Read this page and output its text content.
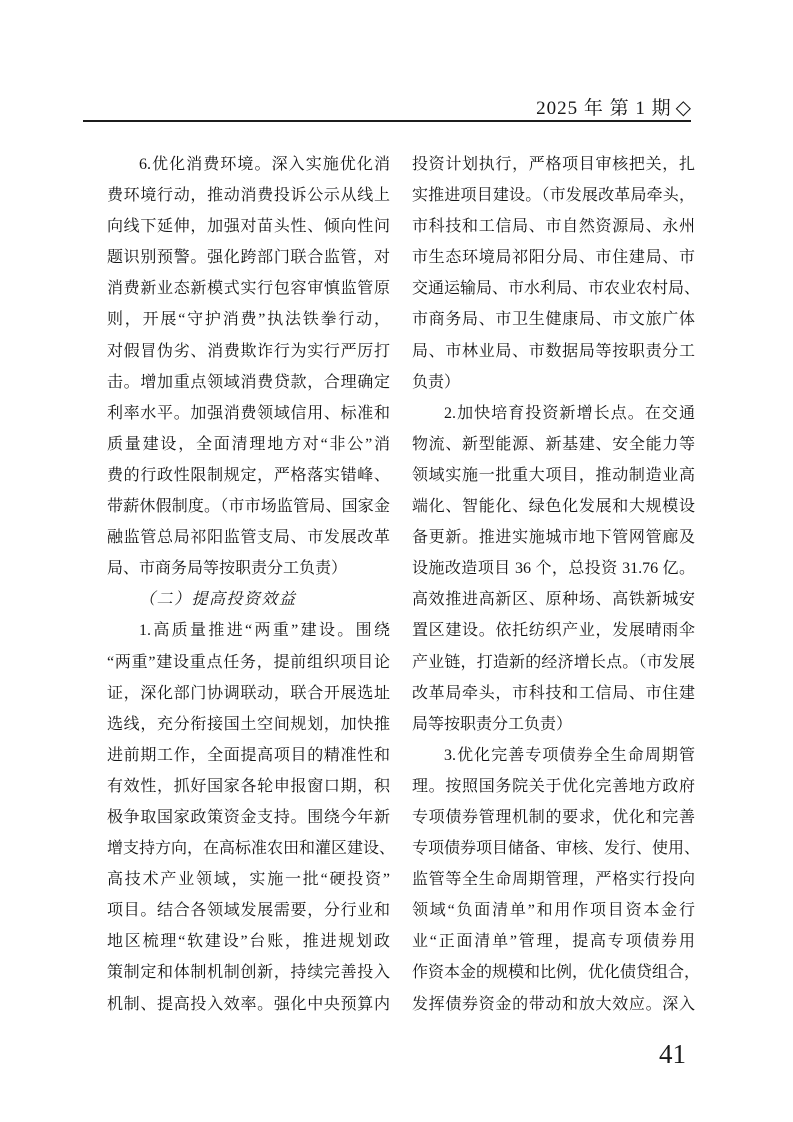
2025 年 第 1 期 ◇
6.优化消费环境。深入实施优化消
费环境行动，推动消费投诉公示从线上
向线下延伸，加强对苗头性、倾向性问
题识别预警。强化跨部门联合监管，对
消费新业态新模式实行包容审慎监管原
则，开展“守护消费”执法铁拳行动，
对假冒伪劣、消费欺诈行为实行严厉打
击。增加重点领域消费贷款，合理确定
利率水平。加强消费领域信用、标准和
质量建设，全面清理地方对“非公”消
费的行政性限制规定，严格落实错峰、
带薪休假制度。（市市场监管局、国家金
融监管总局祁阳监管支局、市发展改革
局、市商务局等按职责分工负责）
（二）提高投资效益
1.高质量推进“两重”建设。围绕
“两重”建设重点任务，提前组织项目论
证，深化部门协调联动，联合开展选址
选线，充分衔接国土空间规划，加快推
进前期工作，全面提高项目的精准性和
有效性，抓好国家各轮申报窗口期，积
极争取国家政策资金支持。围绕今年新
增支持方向，在高标准农田和灌区建设、
高技术产业领域，实施一批“硬投资”
项目。结合各领域发展需要，分行业和
地区梳理“软建设”台账，推进规划政
策制定和体制机制创新，持续完善投入
机制、提高投入效率。强化中央预算内
投资计划执行，严格项目审核把关，扎
实推进项目建设。（市发展改革局牵头，
市科技和工信局、市自然资源局、永州
市生态环境局祁阳分局、市住建局、市
交通运输局、市水利局、市农业农村局、
市商务局、市卫生健康局、市文旅广体
局、市林业局、市数据局等按职责分工
负责）
2.加快培育投资新增长点。在交通
物流、新型能源、新基建、安全能力等
领域实施一批重大项目，推动制造业高
端化、智能化、绿色化发展和大规模设
备更新。推进实施城市地下管网管廊及
设施改造项目 36 个，总投资 31.76 亿。
高效推进高新区、原种场、高铁新城安
置区建设。依托纺织产业，发展晴雨伞
产业链，打造新的经济增长点。（市发展
改革局牵头，市科技和工信局、市住建
局等按职责分工负责）
3.优化完善专项债券全生命周期管
理。按照国务院关于优化完善地方政府
专项债券管理机制的要求，优化和完善
专项债券项目储备、审核、发行、使用、
监管等全生命周期管理，严格实行投向
领域“负面清单”和用作项目资本金行
业“正面清单”管理，提高专项债券用
作资本金的规模和比例，优化债贷组合，
发挥债券资金的带动和放大效应。深入
41
